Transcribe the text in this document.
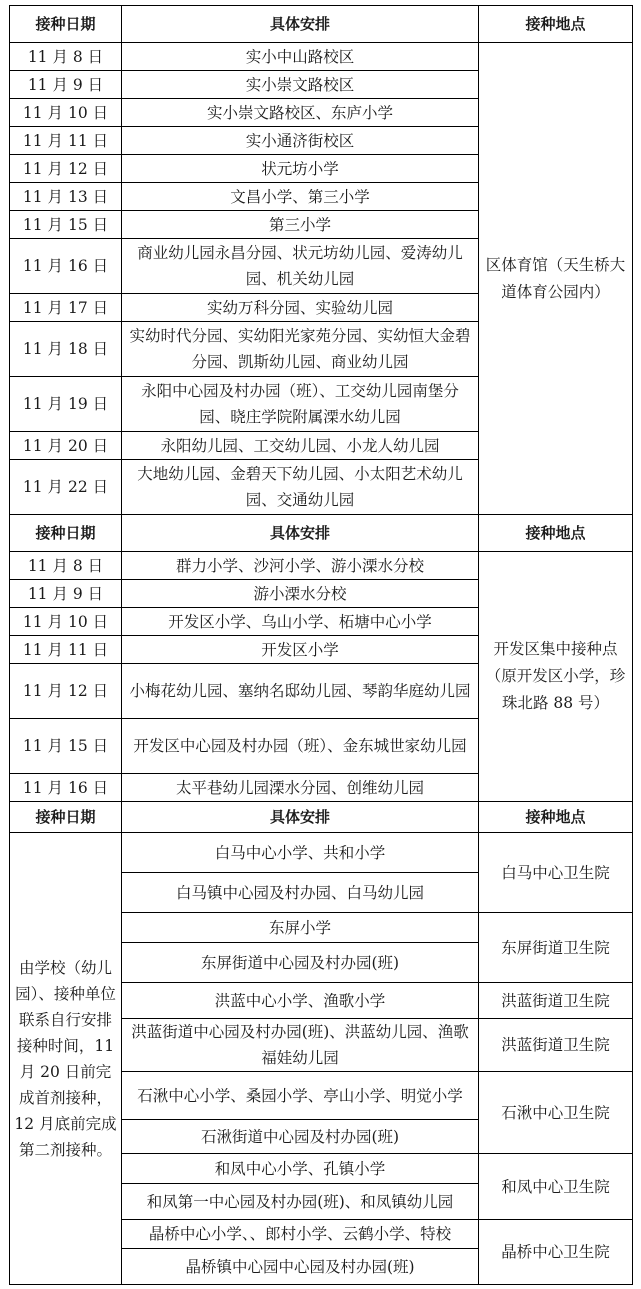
接种日期	具体安排	接种地点
11 月 8 日	实小中山路校区	区体育馆（天生桥大道体育公园内）
11 月 9 日	实小崇文路校区	
11 月 10 日	实小崇文路校区、东庐小学	
11 月 11 日	实小通济街校区	
11 月 12 日	状元坊小学	
11 月 13 日	文昌小学、第三小学	
11 月 15 日	第三小学	
11 月 16 日	商业幼儿园永昌分园、状元坊幼儿园、爱涛幼儿园、机关幼儿园	
11 月 17 日	实幼万科分园、实验幼儿园	
11 月 18 日	实幼时代分园、实幼阳光家苑分园、实幼恒大金碧分园、凯斯幼儿园、商业幼儿园	
11 月 19 日	永阳中心园及村办园（班）、工交幼儿园南堡分园、晓庄学院附属溧水幼儿园	
11 月 20 日	永阳幼儿园、工交幼儿园、小龙人幼儿园	
11 月 22 日	大地幼儿园、金碧天下幼儿园、小太阳艺术幼儿园、交通幼儿园	
接种日期	具体安排	接种地点
11 月 8 日	群力小学、沙河小学、游小溧水分校	开发区集中接种点（原开发区小学，珍珠北路 88 号）
11 月 9 日	游小溧水分校	
11 月 10 日	开发区小学、乌山小学、柘塘中心小学	
11 月 11 日	开发区小学	
11 月 12 日	小梅花幼儿园、塞纳名邸幼儿园、琴韵华庭幼儿园	
11 月 15 日	开发区中心园及村办园（班）、金东城世家幼儿园	
11 月 16 日	太平巷幼儿园溧水分园、创维幼儿园	
接种日期	具体安排	接种地点
由学校（幼儿园）、接种单位联系自行安排接种时间，11 月 20 日前完成首剂接种，12 月底前完成第二剂接种。	白马中心小学、共和小学	白马中心卫生院
	白马镇中心园及村办园、白马幼儿园	
	东屏小学	东屏街道卫生院
	东屏街道中心园及村办园(班)	
	洪蓝中心小学、渔歌小学	洪蓝街道卫生院
	洪蓝街道中心园及村办园(班)、洪蓝幼儿园、渔歌福娃幼儿园	洪蓝街道卫生院
	石湫中心小学、桑园小学、亭山小学、明觉小学	石湫中心卫生院
	石湫街道中心园及村办园(班)	
	和凤中心小学、孔镇小学	和凤中心卫生院
	和凤第一中心园及村办园(班)、和凤镇幼儿园	
	晶桥中心小学、、郎村小学、云鹤小学、特校	晶桥中心卫生院
	晶桥镇中心园中心园及村办园(班)	
